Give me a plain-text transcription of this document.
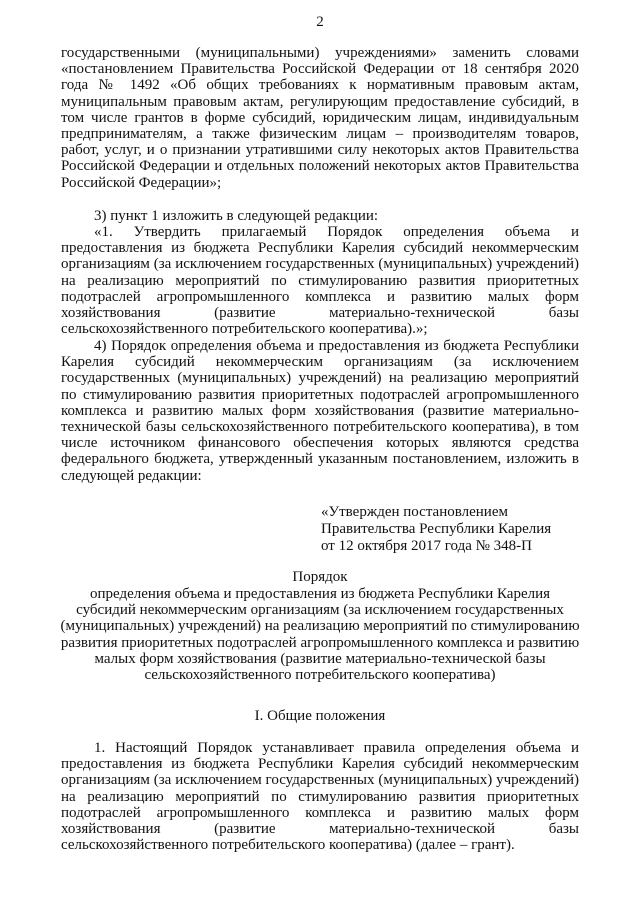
2

государственными (муниципальными) учреждениями» заменить словами «постановлением Правительства Российской Федерации от 18 сентября 2020 года № 1492 «Об общих требованиях к нормативным правовым актам, муниципальным правовым актам, регулирующим предоставление субсидий, в том числе грантов в форме субсидий, юридическим лицам, индивидуальным предпринимателям, а также физическим лицам – производителям товаров, работ, услуг, и о признании утратившими силу некоторых актов Правительства Российской Федерации и отдельных положений некоторых актов Правительства Российской Федерации»;

3) пункт 1 изложить в следующей редакции:

«1. Утвердить прилагаемый Порядок определения объема и предоставления из бюджета Республики Карелия субсидий некоммерческим организациям (за исключением государственных (муниципальных) учреждений) на реализацию мероприятий по стимулированию развития приоритетных подотраслей агропромышленного комплекса и развитию малых форм хозяйствования (развитие материально-технической базы сельскохозяйственного потребительского кооператива).»;

4) Порядок определения объема и предоставления из бюджета Республики Карелия субсидий некоммерческим организациям (за исключением государственных (муниципальных) учреждений) на реализацию мероприятий по стимулированию развития приоритетных подотраслей агропромышленного комплекса и развитию малых форм хозяйствования (развитие материально-технической базы сельскохозяйственного потребительского кооператива), в том числе источником финансового обеспечения которых являются средства федерального бюджета, утвержденный указанным постановлением, изложить в следующей редакции:

«Утвержден постановлением
Правительства Республики Карелия
от 12 октября 2017 года № 348-П
Порядок
определения объема и предоставления из бюджета Республики Карелия
субсидий некоммерческим организациям (за исключением государственных
(муниципальных) учреждений) на реализацию мероприятий по стимулированию
развития приоритетных подотраслей агропромышленного комплекса и развитию
малых форм хозяйствования (развитие материально-технической базы
сельскохозяйственного потребительского кооператива)
I. Общие положения

1. Настоящий Порядок устанавливает правила определения объема и предоставления из бюджета Республики Карелия субсидий некоммерческим организациям (за исключением государственных (муниципальных) учреждений) на реализацию мероприятий по стимулированию развития приоритетных подотраслей агропромышленного комплекса и развитию малых форм хозяйствования (развитие материально-технической базы сельскохозяйственного потребительского кооператива) (далее – грант).
